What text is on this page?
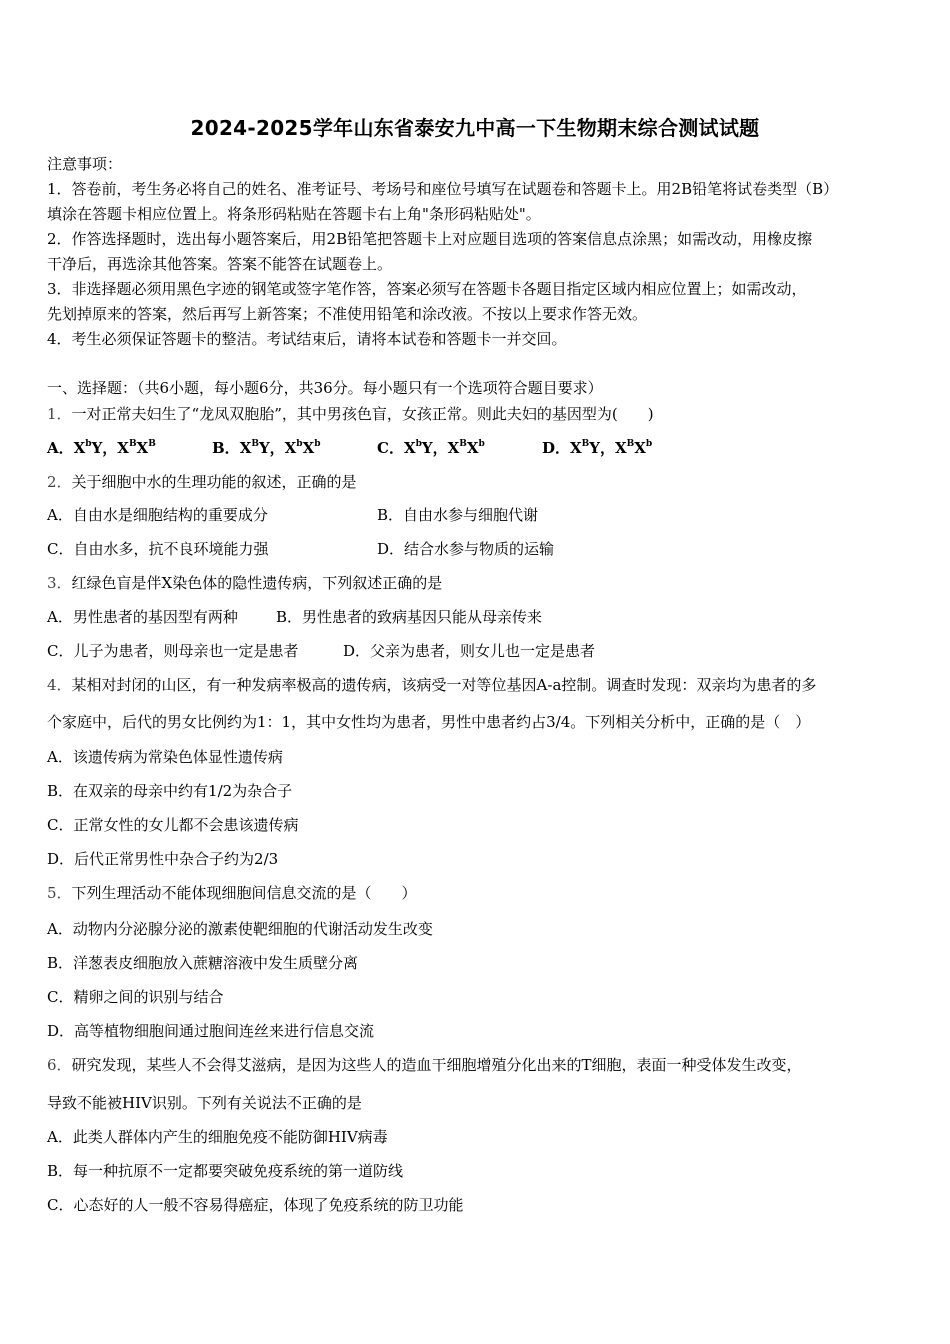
2024-2025学年山东省泰安九中高一下生物期末综合测试试题
注意事项：
1．答卷前，考生务必将自己的姓名、准考证号、考场号和座位号填写在试题卷和答题卡上。用2B铅笔将试卷类型（B）
填涂在答题卡相应位置上。将条形码粘贴在答题卡右上角"条形码粘贴处"。
2．作答选择题时，选出每小题答案后，用2B铅笔把答题卡上对应题目选项的答案信息点涂黑；如需改动，用橡皮擦
干净后，再选涂其他答案。答案不能答在试题卷上。
3．非选择题必须用黑色字迹的钢笔或签字笔作答，答案必须写在答题卡各题目指定区域内相应位置上；如需改动，
先划掉原来的答案，然后再写上新答案；不准使用铅笔和涂改液。不按以上要求作答无效。
4．考生必须保证答题卡的整洁。考试结束后，请将本试卷和答题卡一并交回。
一、选择题：（共6小题，每小题6分，共36分。每小题只有一个选项符合题目要求）
1．一对正常夫妇生了“龙凤双胞胎”，其中男孩色盲，女孩正常。则此夫妇的基因型为(　　)
A．$X^bY$，$X^BX^B$	B．$X^BY$，$X^bX^b$	C．$X^bY$，$X^BX^b$	D．$X^BY$，$X^BX^b$
2．关于细胞中水的生理功能的叙述，正确的是
A．自由水是细胞结构的重要成分	B．自由水参与细胞代谢
C．自由水多，抗不良环境能力强	D．结合水参与物质的运输
3．红绿色盲是伴X染色体的隐性遗传病，下列叙述正确的是
A．男性患者的基因型有两种	B．男性患者的致病基因只能从母亲传来
C．儿子为患者，则母亲也一定是患者	D．父亲为患者，则女儿也一定是患者
4．某相对封闭的山区，有一种发病率极高的遗传病，该病受一对等位基因A-a控制。调查时发现：双亲均为患者的多
个家庭中，后代的男女比例约为1：1，其中女性均为患者，男性中患者约占3/4。下列相关分析中，正确的是（　）
A．该遗传病为常染色体显性遗传病
B．在双亲的母亲中约有1/2为杂合子
C．正常女性的女儿都不会患该遗传病
D．后代正常男性中杂合子约为2/3
5．下列生理活动不能体现细胞间信息交流的是（　　）
A．动物内分泌腺分泌的激素使靶细胞的代谢活动发生改变
B．洋葱表皮细胞放入蔗糖溶液中发生质壁分离
C．精卵之间的识别与结合
D．高等植物细胞间通过胞间连丝来进行信息交流
6．研究发现，某些人不会得艾滋病，是因为这些人的造血干细胞增殖分化出来的T细胞，表面一种受体发生改变，
导致不能被HIV识别。下列有关说法不正确的是
A．此类人群体内产生的细胞免疫不能防御HIV病毒
B．每一种抗原不一定都要突破免疫系统的第一道防线
C．心态好的人一般不容易得癌症，体现了免疫系统的防卫功能
